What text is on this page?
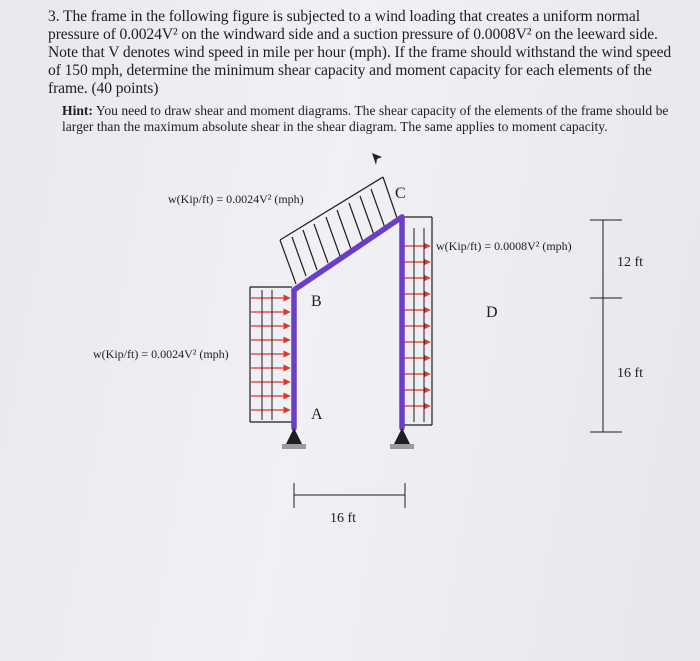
3. The frame in the following figure is subjected to a wind loading that creates a uniform normal pressure of 0.0024V² on the windward side and a suction pressure of 0.0008V² on the leeward side. Note that V denotes wind speed in mile per hour (mph). If the frame should withstand the wind speed of 150 mph, determine the minimum shear capacity and moment capacity for each elements of the frame. (40 points)
Hint: You need to draw shear and moment diagrams. The shear capacity of the elements of the frame should be larger than the maximum absolute shear in the shear diagram. The same applies to moment capacity.
w(Kip/ft) = 0.0024V² (mph)
w(Kip/ft) = 0.0024V² (mph)
w(Kip/ft) = 0.0008V² (mph)
A
B
C
D
16 ft
12 ft
16 ft
